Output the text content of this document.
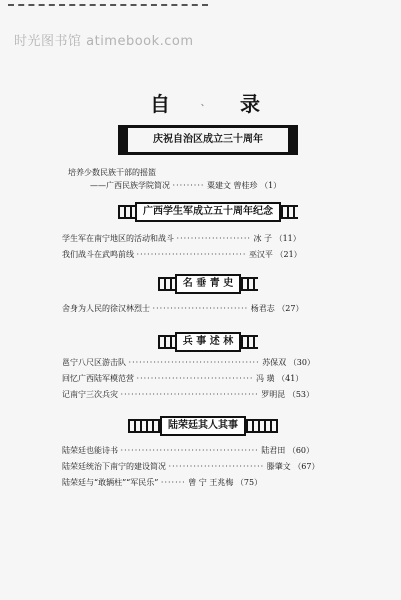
时光图书馆 atimebook.com
自	、 录
庆祝自治区成立三十周年
培养少数民族干部的摇篮
——广西民族学院简况 ········· 粟建文 曾桂珍 （1）
广西学生军成立五十周年纪念
学生军在南宁地区的活动和战斗 ····················· 冰 子 （11）
我们战斗在武鸣前线 ······························· 巫汉平 （21）
名 垂 青 史
舍身为人民的徐汉林烈士 ··························· 杨君志 （27）
兵 事 述 林
邕宁八尺区游击队 ····································· 苏保双 （30）
回忆广西陆军模范营 ································· 冯 璜 （41）
记南宁三次兵灾 ······································· 罗明昆 （53）
陆荣廷其人其事
陆荣廷也能诗书 ······································· 陆君田 （60）
陆荣廷统治下南宁的建设简况 ··························· 滕肇文 （67）
陆荣廷与“敢辆柱”“军民乐” ······· 曾 宁 王兆梅 （75）
